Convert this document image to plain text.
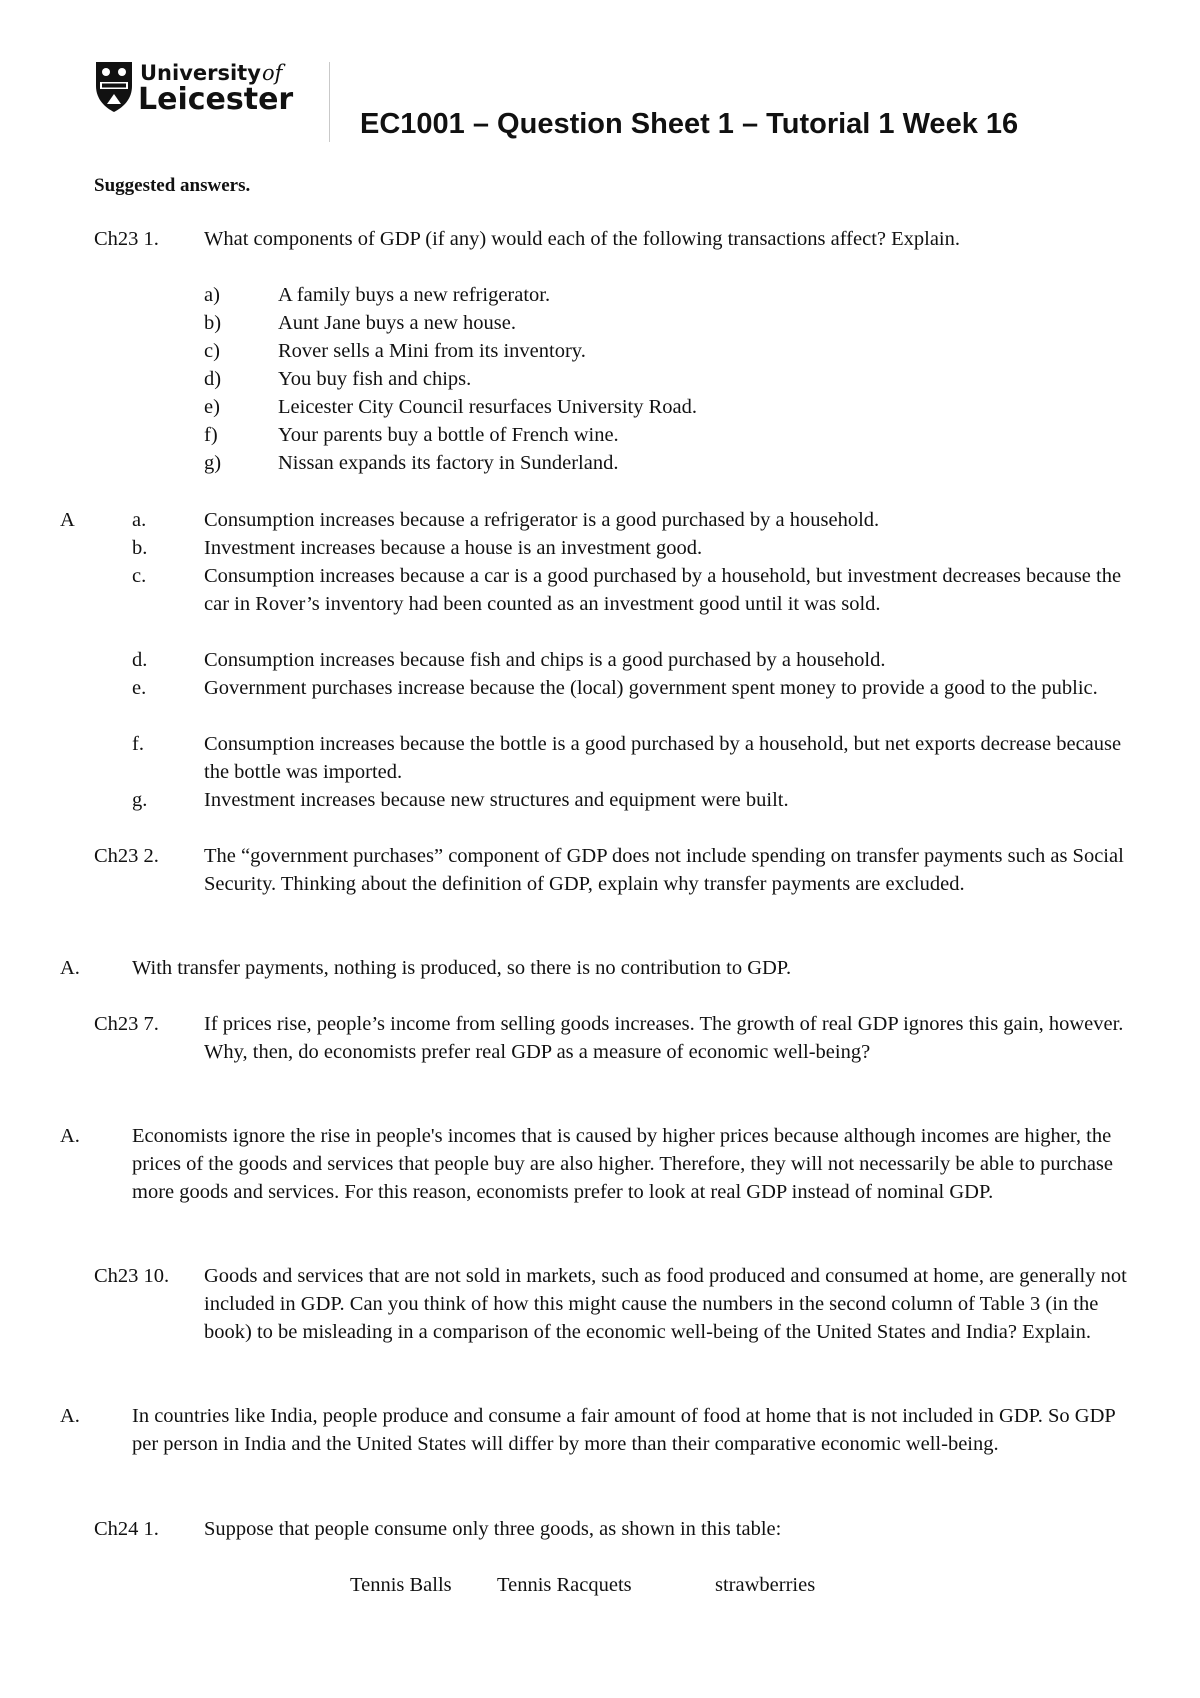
University of
Leicester
EC1001 – Question Sheet 1 – Tutorial 1 Week 16
Suggested answers.
Ch23 1. What components of GDP (if any) would each of the following transactions affect? Explain.
a)	A family buys a new refrigerator.
b)	Aunt Jane buys a new house.
c)	Rover sells a Mini from its inventory.
d)	You buy fish and chips.
e)	Leicester City Council resurfaces University Road.
f)	Your parents buy a bottle of French wine.
g)	Nissan expands its factory in Sunderland.
A	a.	Consumption increases because a refrigerator is a good purchased by a household.
b.	Investment increases because a house is an investment good.
c.	Consumption increases because a car is a good purchased by a household, but investment decreases because the car in Rover’s inventory had been counted as an investment good until it was sold.
d.	Consumption increases because fish and chips is a good purchased by a household.
e.	Government purchases increase because the (local) government spent money to provide a good to the public.
f.	Consumption increases because the bottle is a good purchased by a household, but net exports decrease because the bottle was imported.
g.	Investment increases because new structures and equipment were built.
Ch23 2. The “government purchases” component of GDP does not include spending on transfer payments such as Social Security. Thinking about the definition of GDP, explain why transfer payments are excluded.
A.	With transfer payments, nothing is produced, so there is no contribution to GDP.
Ch23 7. If prices rise, people’s income from selling goods increases. The growth of real GDP ignores this gain, however. Why, then, do economists prefer real GDP as a measure of economic well-being?
A.	Economists ignore the rise in people's incomes that is caused by higher prices because although incomes are higher, the prices of the goods and services that people buy are also higher. Therefore, they will not necessarily be able to purchase more goods and services. For this reason, economists prefer to look at real GDP instead of nominal GDP.
Ch23 10. Goods and services that are not sold in markets, such as food produced and consumed at home, are generally not included in GDP. Can you think of how this might cause the numbers in the second column of Table 3 (in the book) to be misleading in a comparison of the economic well-being of the United States and India? Explain.
A.	In countries like India, people produce and consume a fair amount of food at home that is not included in GDP. So GDP per person in India and the United States will differ by more than their comparative economic well-being.
Ch24 1. Suppose that people consume only three goods, as shown in this table:
Tennis Balls Tennis Racquets	strawberries
